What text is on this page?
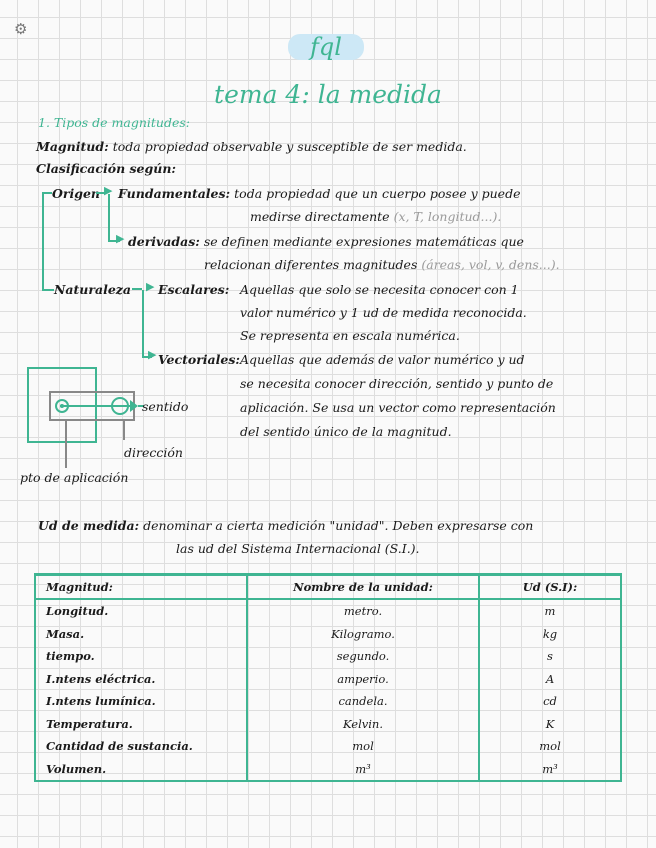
⚙
fql
tema 4: la medida
1. Tipos de magnitudes:
Magnitud: toda propiedad observable y susceptible de ser medida.
Clasificación según:
Origen ▶
▶
Fundamentales: toda propiedad que un cuerpo posee y puede
medirse directamente (x, T, longitud...).
derivadas: se definen mediante expresiones matemáticas que
relacionan diferentes magnitudes (áreas, vol, v, dens...).
Naturaleza ▶
▶
Escalares: Aquellas que solo se necesita conocer con 1
valor numérico y 1 ud de medida reconocida.
Se representa en escala numérica.
Vectoriales: Aquellas que además de valor numérico y ud
se necesita conocer dirección, sentido y punto de
aplicación. Se usa un vector como representación
del sentido único de la magnitud.
sentido
dirección
pto de aplicación
Ud de medida: denominar a cierta medición "unidad". Deben expresarse con
las ud del Sistema Internacional (S.I.).
Magnitud:	Nombre de la unidad:	Ud (S.I):
Longitud.	metro.	m
Masa.	Kilogramo.	kg
tiempo.	segundo.	s
I.ntens eléctrica.	amperio.	A
I.ntens lumínica.	candela.	cd
Temperatura.	Kelvin.	K
Cantidad de sustancia.	mol	mol
Volumen.	m³	m³
